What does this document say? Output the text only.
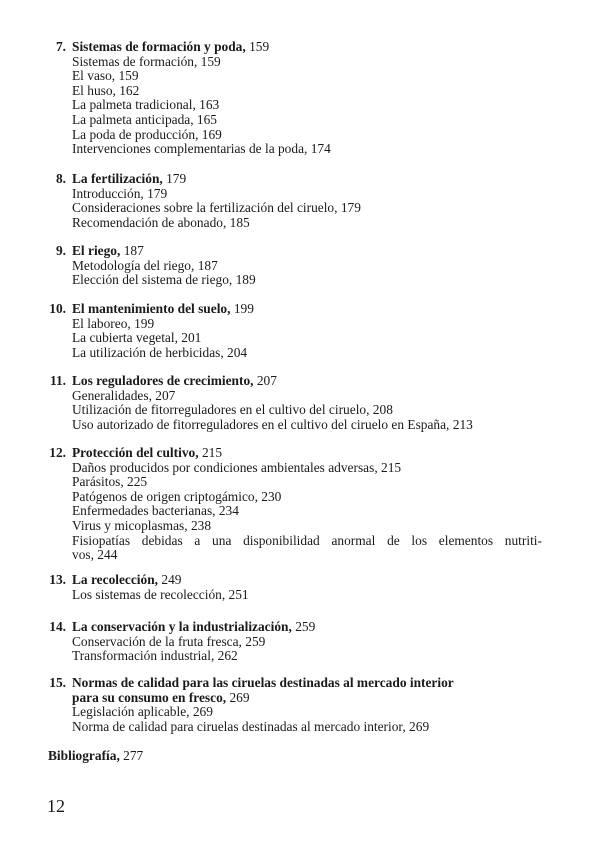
7. Sistemas de formación y poda, 159
Sistemas de formación, 159
El vaso, 159
El huso, 162
La palmeta tradicional, 163
La palmeta anticipada, 165
La poda de producción, 169
Intervenciones complementarias de la poda, 174
8. La fertilización, 179
Introducción, 179
Consideraciones sobre la fertilización del ciruelo, 179
Recomendación de abonado, 185
9. El riego, 187
Metodología del riego, 187
Elección del sistema de riego, 189
10. El mantenimiento del suelo, 199
El laboreo, 199
La cubierta vegetal, 201
La utilización de herbicidas, 204
11. Los reguladores de crecimiento, 207
Generalidades, 207
Utilización de fitorreguladores en el cultivo del ciruelo, 208
Uso autorizado de fitorreguladores en el cultivo del ciruelo en España, 213
12. Protección del cultivo, 215
Daños producidos por condiciones ambientales adversas, 215
Parásitos, 225
Patógenos de origen criptogámico, 230
Enfermedades bacterianas, 234
Virus y micoplasmas, 238
Fisiopatías debidas a una disponibilidad anormal de los elementos nutriti-
vos, 244
13. La recolección, 249
Los sistemas de recolección, 251
14. La conservación y la industrialización, 259
Conservación de la fruta fresca, 259
Transformación industrial, 262
15. Normas de calidad para las ciruelas destinadas al mercado interior
para su consumo en fresco, 269
Legislación aplicable, 269
Norma de calidad para ciruelas destinadas al mercado interior, 269
Bibliografía, 277
12
